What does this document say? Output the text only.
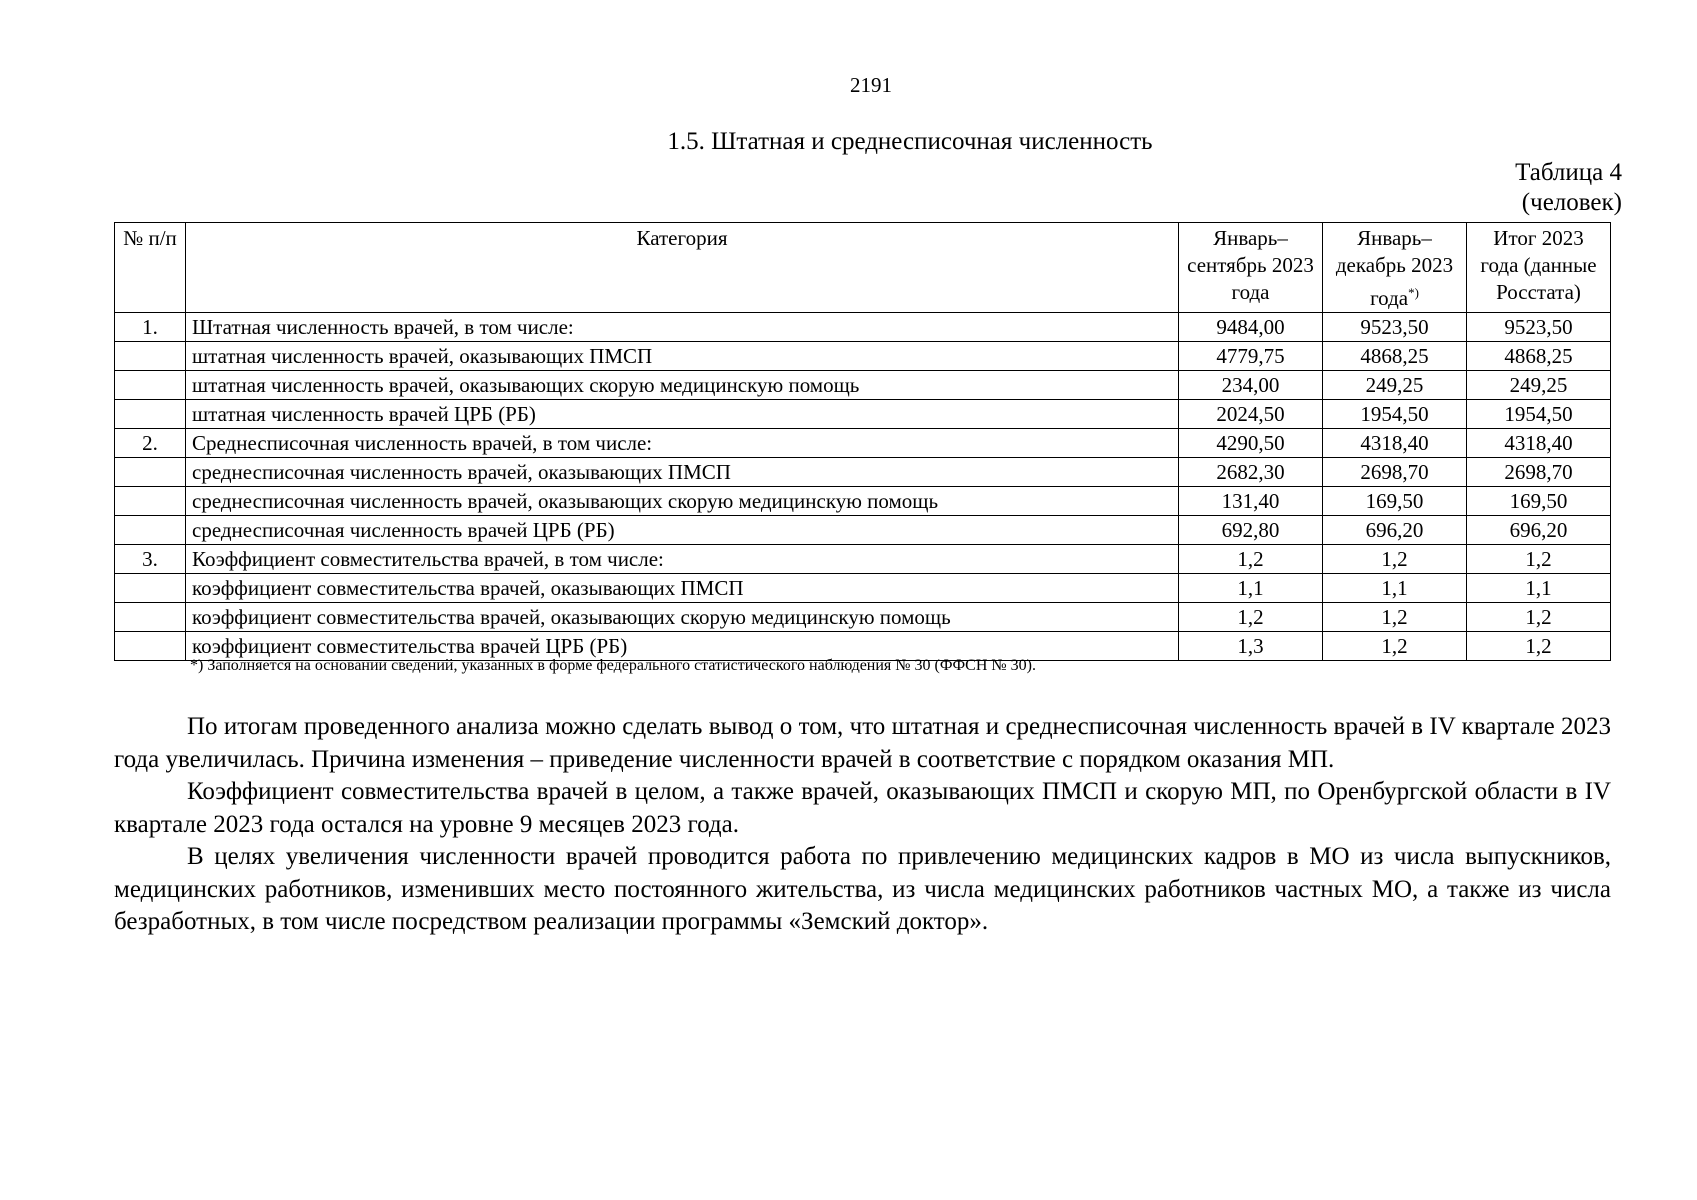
2191
1.5. Штатная и среднесписочная численность
Таблица 4
(человек)
№ п/п	Категория	Январь–сентябрь 2023 года	Январь–декабрь 2023 года*)	Итог 2023 года (данные Росстата)
1.	Штатная численность врачей, в том числе:	9484,00	9523,50	9523,50
	штатная численность врачей, оказывающих ПМСП	4779,75	4868,25	4868,25
	штатная численность врачей, оказывающих скорую медицинскую помощь	234,00	249,25	249,25
	штатная численность врачей ЦРБ (РБ)	2024,50	1954,50	1954,50
2.	Среднесписочная численность врачей, в том числе:	4290,50	4318,40	4318,40
	среднесписочная численность врачей, оказывающих ПМСП	2682,30	2698,70	2698,70
	среднесписочная численность врачей, оказывающих скорую медицинскую помощь	131,40	169,50	169,50
	среднесписочная численность врачей ЦРБ (РБ)	692,80	696,20	696,20
3.	Коэффициент совместительства врачей, в том числе:	1,2	1,2	1,2
	коэффициент совместительства врачей, оказывающих ПМСП	1,1	1,1	1,1
	коэффициент совместительства врачей, оказывающих скорую медицинскую помощь	1,2	1,2	1,2
	коэффициент совместительства врачей ЦРБ (РБ)	1,3	1,2	1,2
*) Заполняется на основании сведений, указанных в форме федерального статистического наблюдения № 30 (ФФСН № 30).

По итогам проведенного анализа можно сделать вывод о том, что штатная и среднесписочная численность врачей в IV квартале 2023 года увеличилась. Причина изменения – приведение численности врачей в соответствие с порядком оказания МП.

Коэффициент совместительства врачей в целом, а также врачей, оказывающих ПМСП и скорую МП, по Оренбургской области в IV квартале 2023 года остался на уровне 9 месяцев 2023 года.

В целях увеличения численности врачей проводится работа по привлечению медицинских кадров в МО из числа выпускников, медицинских работников, изменивших место постоянного жительства, из числа медицинских работников частных МО, а также из числа безработных, в том числе посредством реализации программы «Земский доктор».
